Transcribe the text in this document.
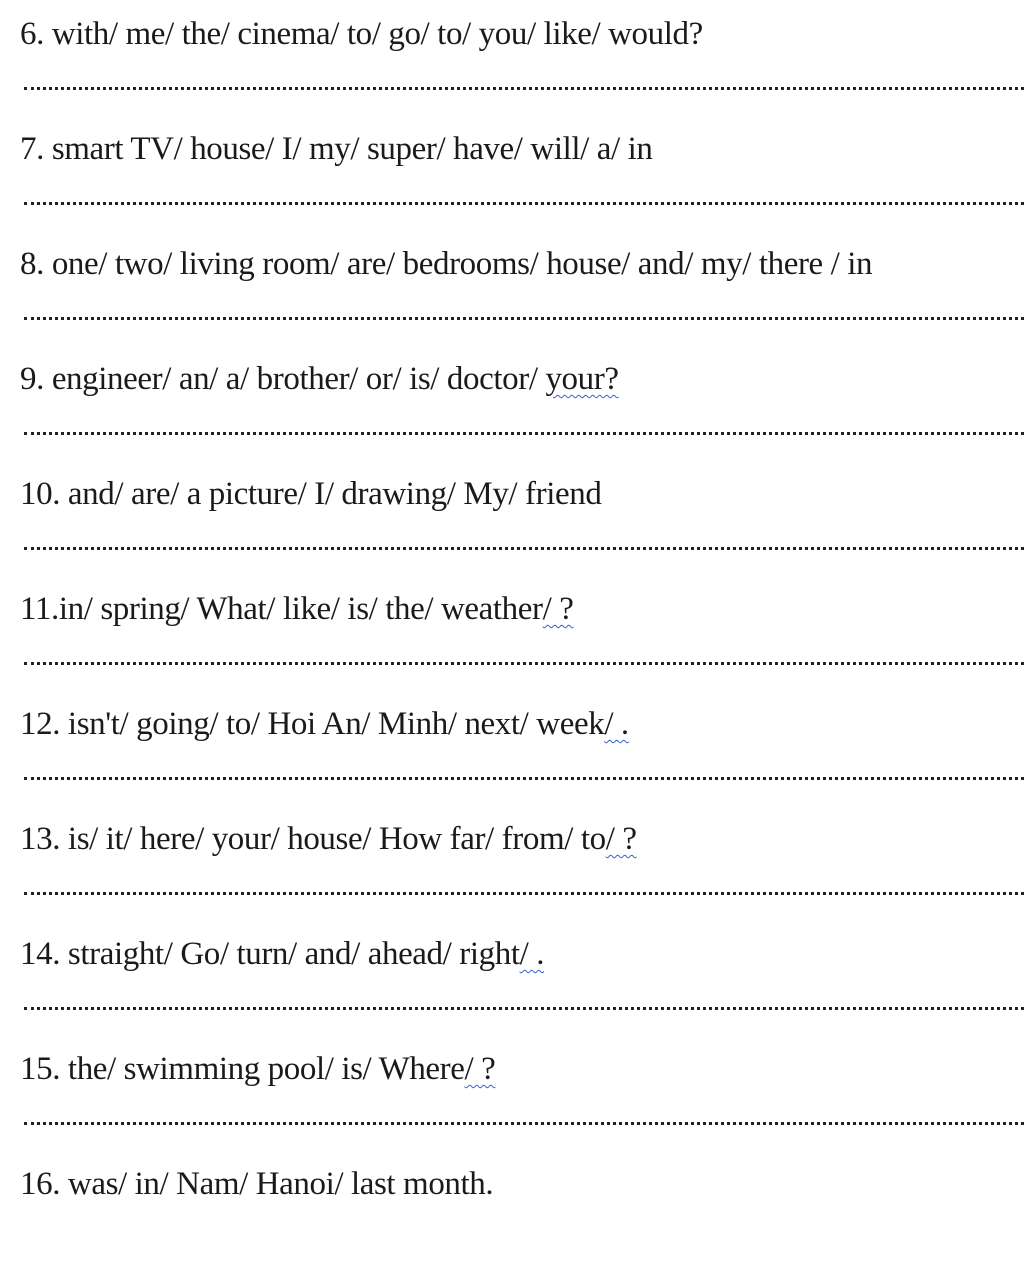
6. with/ me/ the/ cinema/ to/ go/ to/ you/ like/ would?
7. smart TV/ house/ I/ my/ super/ have/ will/ a/ in
8. one/ two/ living room/ are/ bedrooms/ house/ and/ my/ there / in
9. engineer/ an/ a/ brother/ or/ is/ doctor/ your?
10. and/ are/ a picture/ I/ drawing/ My/ friend
11.in/ spring/ What/ like/ is/ the/ weather/ ?
12. isn't/ going/ to/ Hoi An/ Minh/ next/ week/ .
13. is/ it/ here/ your/ house/ How far/ from/ to/ ?
14. straight/ Go/ turn/ and/ ahead/ right/ .
15. the/ swimming pool/ is/ Where/ ?
16. was/ in/ Nam/ Hanoi/ last month.
